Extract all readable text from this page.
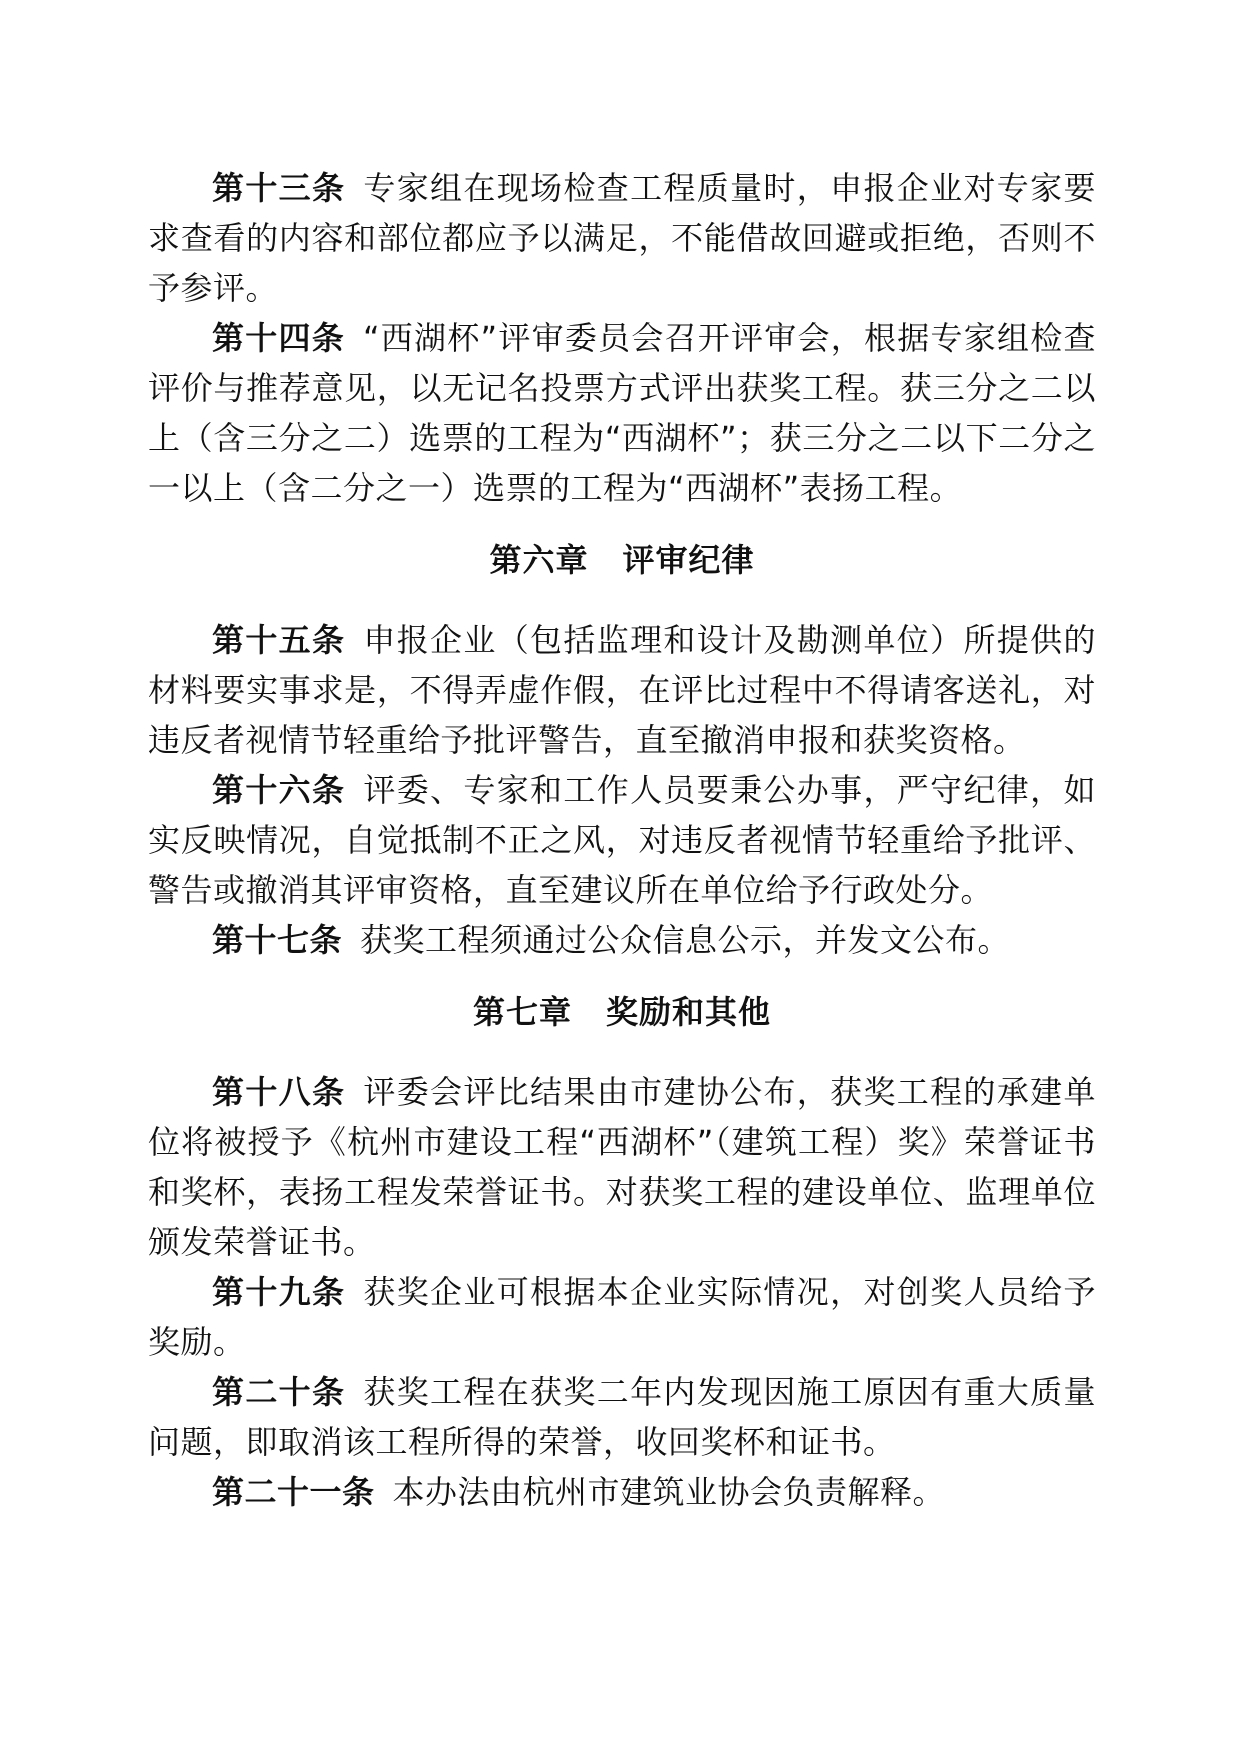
第十三条 专家组在现场检查工程质量时，申报企业对专家要求查看的内容和部位都应予以满足，不能借故回避或拒绝，否则不予参评。

第十四条 “西湖杯”评审委员会召开评审会，根据专家组检查评价与推荐意见，以无记名投票方式评出获奖工程。获三分之二以上（含三分之二）选票的工程为“西湖杯”；获三分之二以下二分之一以上（含二分之一）选票的工程为“西湖杯”表扬工程。

第六章 评审纪律

第十五条 申报企业（包括监理和设计及勘测单位）所提供的材料要实事求是，不得弄虚作假，在评比过程中不得请客送礼，对违反者视情节轻重给予批评警告，直至撤消申报和获奖资格。

第十六条 评委、专家和工作人员要秉公办事，严守纪律，如实反映情况，自觉抵制不正之风，对违反者视情节轻重给予批评、警告或撤消其评审资格，直至建议所在单位给予行政处分。

第十七条 获奖工程须通过公众信息公示，并发文公布。

第七章 奖励和其他

第十八条 评委会评比结果由市建协公布，获奖工程的承建单位将被授予《杭州市建设工程“西湖杯”（建筑工程）奖》荣誉证书和奖杯，表扬工程发荣誉证书。对获奖工程的建设单位、监理单位颁发荣誉证书。

第十九条 获奖企业可根据本企业实际情况，对创奖人员给予奖励。

第二十条 获奖工程在获奖二年内发现因施工原因有重大质量问题，即取消该工程所得的荣誉，收回奖杯和证书。

第二十一条 本办法由杭州市建筑业协会负责解释。
